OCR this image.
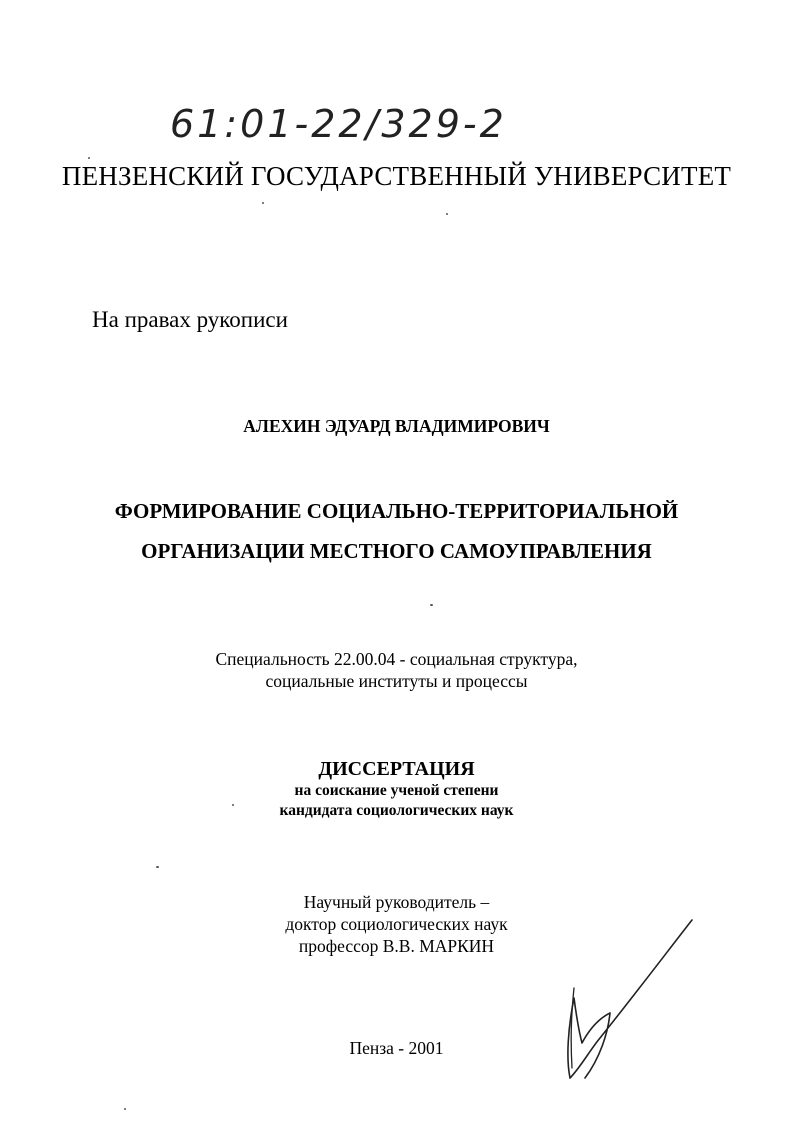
61:01-22/329-2
ПЕНЗЕНСКИЙ ГОСУДАРСТВЕННЫЙ УНИВЕРСИТЕТ
На правах рукописи
АЛЕХИН ЭДУАРД ВЛАДИМИРОВИЧ
ФОРМИРОВАНИЕ СОЦИАЛЬНО-ТЕРРИТОРИАЛЬНОЙ
ОРГАНИЗАЦИИ МЕСТНОГО САМОУПРАВЛЕНИЯ
Специальность 22.00.04 - социальная структура,
социальные институты и процессы
ДИССЕРТАЦИЯ
на соискание ученой степени
кандидата социологических наук
Научный руководитель –
доктор социологических наук
профессор В.В. МАРКИН
Пенза - 2001
